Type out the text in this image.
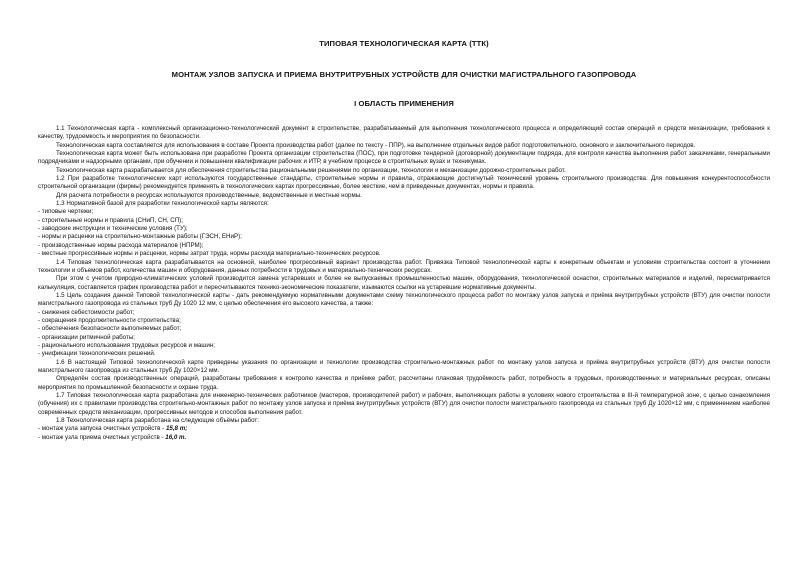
ТИПОВАЯ ТЕХНОЛОГИЧЕСКАЯ КАРТА (ТТК)
МОНТАЖ УЗЛОВ ЗАПУСКА И ПРИЕМА ВНУТРИТРУБНЫХ УСТРОЙСТВ ДЛЯ ОЧИСТКИ МАГИСТРАЛЬНОГО ГАЗОПРОВОДА
I ОБЛАСТЬ ПРИМЕНЕНИЯ

1.1 Технологическая карта - комплексный организационно-технологический документ в строительстве, разрабатываемый для выполнения технологического процесса и определяющий состав операций и средств механизации, требования к качеству, трудоемкость и мероприятия по безопасности.

Технологическая карта составляется для использования в составе Проекта производства работ (далее по тексту - ППР), на выполнение отдельных видов работ подготовительного, основного и заключительного периодов.

Технологическая карта может быть использована при разработке Проекта организации строительства (ПОС), при подготовке тендерной (договорной) документации подряда, для контроля качества выполнения работ заказчиками, генеральными подрядчиками и надзорными органами, при обучении и повышении квалификации рабочих и ИТР, в учебном процессе в строительных вузах и техникумах.

Технологическая карта разрабатывается для обеспечения строительства рациональными решениями по организации, технологии и механизации дорожно-строительных работ.

1.2 При разработке технологических карт используются государственные стандарты, строительные нормы и правила, отражающие достигнутый технический уровень строительного производства. Для повышения конкурентоспособности строительной организации (фирмы) рекомендуется применять в технологических картах прогрессивные, более жесткие, чем в приведенных документах, нормы и правила.

Для расчета потребности в ресурсах используются производственные, ведомственные и местные нормы.

1.3 Нормативной базой для разработки технологической карты являются:

- типовые чертежи;

- строительные нормы и правила (СНиП, СН, СП);

- заводские инструкции и технические условия (ТУ);

- нормы и расценки на строительно-монтажные работы (ГЭСН, ЕНиР);

- производственные нормы расхода материалов (НПРМ);

- местные прогрессивные нормы и расценки, нормы затрат труда, нормы расхода материально-технических ресурсов.

1.4 Типовая технологическая карта разрабатывается на основной, наиболее прогрессивный вариант производства работ. Привязка Типовой технологической карты к конкретным объектам и условиям строительства состоит в уточнении технологии и объемов работ, количества машин и оборудования, данных потребности в трудовых и материально-технических ресурсах.

При этом с учетом природно-климатических условий производится замена устаревших и более не выпускаемых промышленностью машин, оборудования, технологической оснастки, строительных материалов и изделий, пересматривается калькуляция, составляется график производства работ и пересчитываются технико-экономические показатели, изымаются ссылки на устаревшие нормативные документы.

1.5 Цель создания данной Типовой технологической карты - дать рекомендуемую нормативными документами схему технологического процесса работ по монтажу узлов запуска и приёма внутритрубных устройств (ВТУ) для очистки полости магистрального газопровода из стальных труб Ду 1020 12 мм, с целью обеспечения его высокого качества, а также:

- снижения себестоимости работ;

- сокращения продолжительности строительства;

- обеспечения безопасности выполняемых работ;

- организации ритмичной работы;

- рационального использования трудовых ресурсов и машин;

- унификации технологических решений.

1.6 В настоящей Типовой технологической карте приведены указания по организации и технологии производства строительно-монтажных работ по монтажу узлов запуска и приёма внутритрубных устройств (ВТУ) для очистки полости магистрального газопровода из стальных труб Ду 1020×12 мм.

Определён состав производственных операций, разработаны требования к контролю качества и приёмке работ, рассчитаны плановая трудоёмкость работ, потребность в трудовых, производственных и материальных ресурсах, описаны мероприятия по промышленной безопасности и охране труда.

1.7 Типовая технологическая карта разработана для инженерно-технических работников (мастеров, производителей работ) и рабочих, выполняющих работы в условиях нового строительства в III-й температурной зоне, с целью ознакомления (обучения) их с правилами производства строительно-монтажных работ по монтажу узлов запуска и приёма внутритрубных устройств (ВТУ) для очистки полости магистрального газопровода из стальных труб Ду 1020×12 мм, с применением наиболее современных средств механизации, прогрессивных методов и способов выполнения работ.

1.8 Технологическая карта разработана на следующие объёмы работ:

- монтаж узла запуска очистных устройств - 15,8 т;

- монтаж узла приема очистных устройств - 16,0 т.
